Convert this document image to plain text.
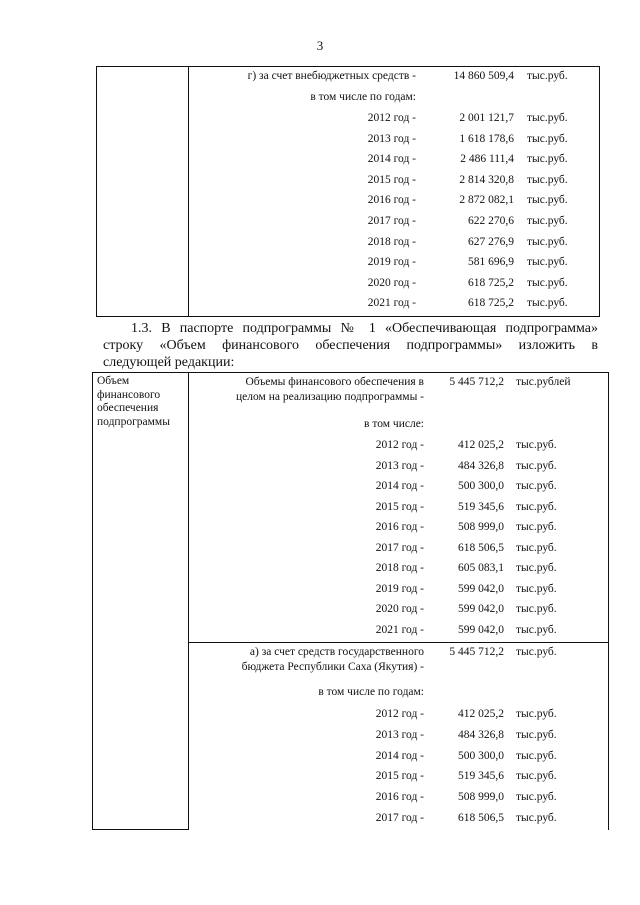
3
г) за счет внебюджетных средств -	14 860 509,4 тыс.руб.
в том числе по годам:
2012 год -	2 001 121,7 тыс.руб.
2013 год -	1 618 178,6 тыс.руб.
2014 год -	2 486 111,4 тыс.руб.
2015 год -	2 814 320,8 тыс.руб.
2016 год -	2 872 082,1 тыс.руб.
2017 год -	622 270,6 тыс.руб.
2018 год -	627 276,9 тыс.руб.
2019 год -	581 696,9 тыс.руб.
2020 год -	618 725,2 тыс.руб.
2021 год -	618 725,2 тыс.руб.
1.3. В паспорте подпрограммы № 1 «Обеспечивающая подпрограмма»
строку «Объем финансового обеспечения подпрограммы» изложить в
следующей редакции:
Объем
финансового
обеспечения
подпрограммы
Объемы финансового обеспечения в
целом на реализацию подпрограммы -
5 445 712,2 тыс.рублей
в том числе:
2012 год -	412 025,2 тыс.руб.
2013 год -	484 326,8 тыс.руб.
2014 год -	500 300,0 тыс.руб.
2015 год -	519 345,6 тыс.руб.
2016 год -	508 999,0 тыс.руб.
2017 год -	618 506,5 тыс.руб.
2018 год -	605 083,1 тыс.руб.
2019 год -	599 042,0 тыс.руб.
2020 год -	599 042,0 тыс.руб.
2021 год -	599 042,0 тыс.руб.
а) за счет средств государственного
бюджета Республики Саха (Якутия) -
5 445 712,2 тыс.руб.
в том числе по годам:
2012 год -	412 025,2 тыс.руб.
2013 год -	484 326,8 тыс.руб.
2014 год -	500 300,0 тыс.руб.
2015 год -	519 345,6 тыс.руб.
2016 год -	508 999,0 тыс.руб.
2017 год -	618 506,5 тыс.руб.
